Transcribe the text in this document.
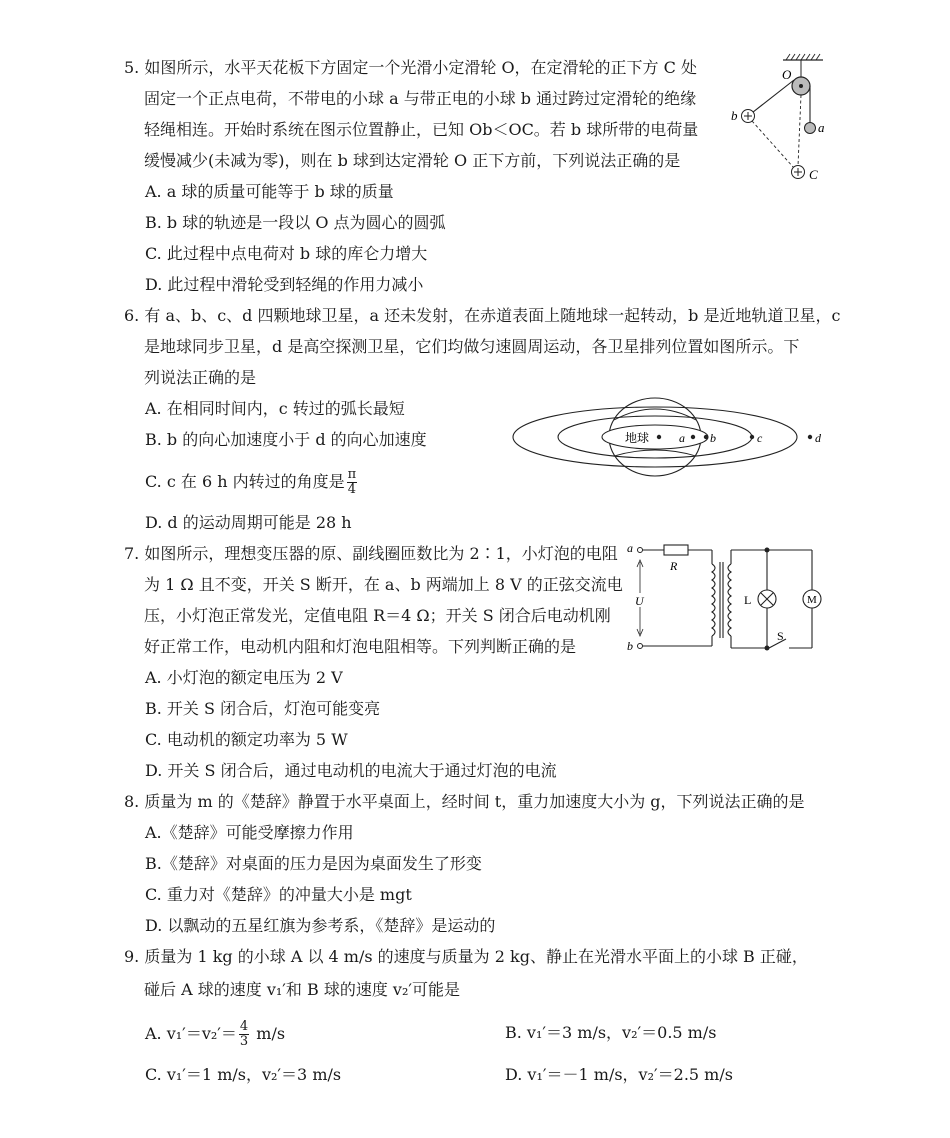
5. 如图所示，水平天花板下方固定一个光滑小定滑轮 O，在定滑轮的正下方 C 处
固定一个正点电荷，不带电的小球 a 与带正电的小球 b 通过跨过定滑轮的绝缘
轻绳相连。开始时系统在图示位置静止，已知 Ob＜OC。若 b 球所带的电荷量
缓慢减少(未减为零)，则在 b 球到达定滑轮 O 正下方前，下列说法正确的是
A. a 球的质量可能等于 b 球的质量
B. b 球的轨迹是一段以 O 点为圆心的圆弧
C. 此过程中点电荷对 b 球的库仑力增大
D. 此过程中滑轮受到轻绳的作用力减小
O
a
b
C
6. 有 a、b、c、d 四颗地球卫星，a 还未发射，在赤道表面上随地球一起转动，b 是近地轨道卫星，c
是地球同步卫星，d 是高空探测卫星，它们均做匀速圆周运动，各卫星排列位置如图所示。下
列说法正确的是
A. 在相同时间内，c 转过的弧长最短
B. b 的向心加速度小于 d 的向心加速度
C. c 在 6 h 内转过的角度是 $\frac{\pi}{4}$
D. d 的运动周期可能是 28 h
地球 a b	c	d
7. 如图所示，理想变压器的原、副线圈匝数比为 2∶1，小灯泡的电阻
为 1 Ω 且不变，开关 S 断开，在 a、b 两端加上 8 V 的正弦交流电
压，小灯泡正常发光，定值电阻 R＝4 Ω；开关 S 闭合后电动机刚
好正常工作，电动机内阻和灯泡电阻相等。下列判断正确的是
A. 小灯泡的额定电压为 2 V
B. 开关 S 闭合后，灯泡可能变亮
C. 电动机的额定功率为 5 W
D. 开关 S 闭合后，通过电动机的电流大于通过灯泡的电流
a
b
R
U	L
S
M
8. 质量为 m 的《楚辞》静置于水平桌面上，经时间 t，重力加速度大小为 g，下列说法正确的是
A.《楚辞》可能受摩擦力作用
B.《楚辞》对桌面的压力是因为桌面发生了形变
C. 重力对《楚辞》的冲量大小是 mgt
D. 以飘动的五星红旗为参考系，《楚辞》是运动的
9. 质量为 1 kg 的小球 A 以 4 m/s 的速度与质量为 2 kg、静止在光滑水平面上的小球 B 正碰，
碰后 A 球的速度 v₁′和 B 球的速度 v₂′可能是
A. $v_1'=v_2'= \frac{4}{3} m/s$	B. v₁′＝3 m/s，v₂′＝0.5 m/s
C. v₁′＝1 m/s，v₂′＝3 m/s	D. v₁′＝－1 m/s，v₂′＝2.5 m/s
